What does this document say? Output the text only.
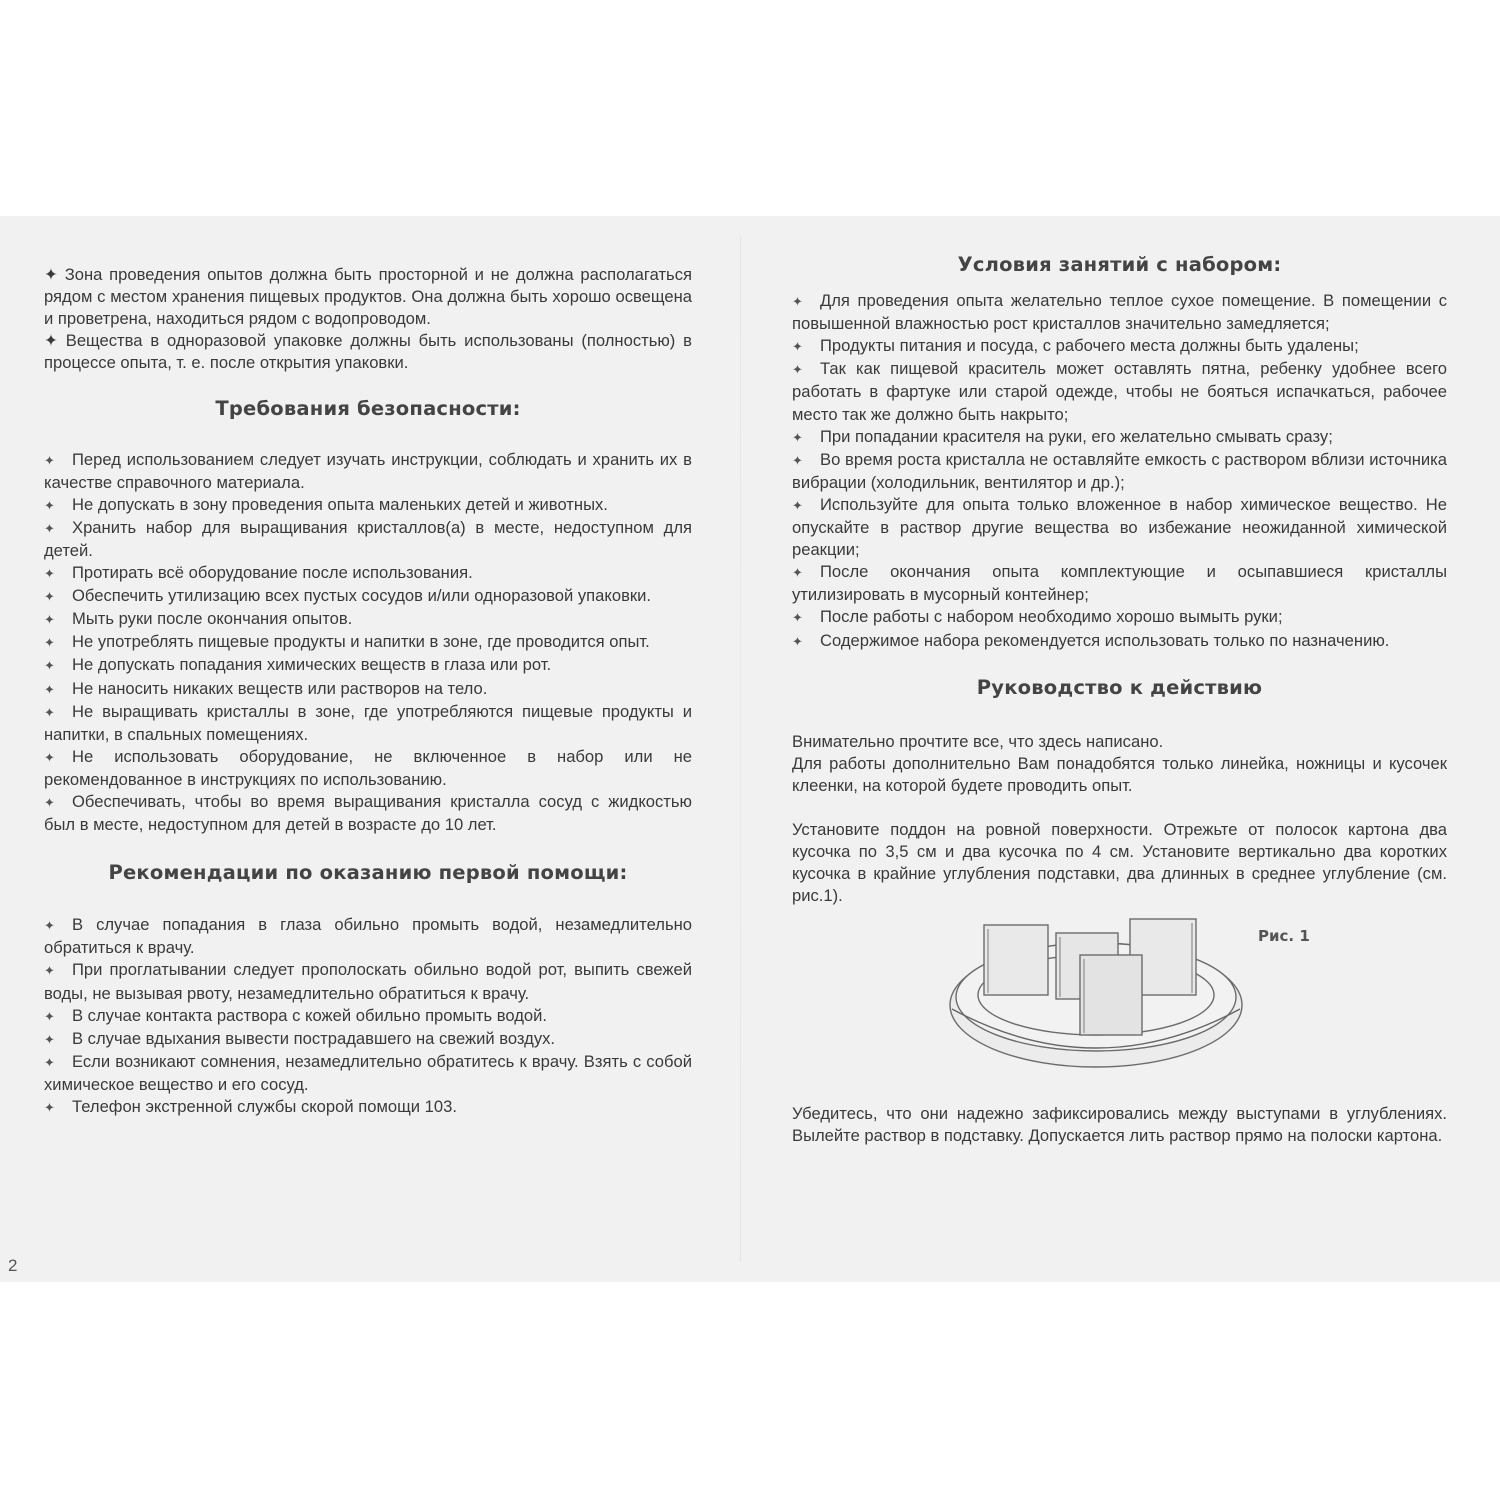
✦ Зона проведения опытов должна быть просторной и не должна располагаться рядом с местом хранения пищевых продуктов. Она должна быть хорошо освещена и проветрена, находиться рядом с водопроводом.

✦ Вещества в одноразовой упаковке должны быть использованы (полностью) в процессе опыта, т. е. после открытия упаковки.

Требования безопасности:

✦ Перед использованием следует изучать инструкции, соблюдать и хранить их в качестве справочного материала.

✦ Не допускать в зону проведения опыта маленьких детей и животных.

✦ Хранить набор для выращивания кристаллов(а) в месте, недоступном для детей.

✦ Протирать всё оборудование после использования.

✦ Обеспечить утилизацию всех пустых сосудов и/или одноразовой упаковки.

✦ Мыть руки после окончания опытов.

✦ Не употреблять пищевые продукты и напитки в зоне, где проводится опыт.

✦ Не допускать попадания химических веществ в глаза или рот.

✦ Не наносить никаких веществ или растворов на тело.

✦ Не выращивать кристаллы в зоне, где употребляются пищевые продукты и напитки, в спальных помещениях.

✦ Не использовать оборудование, не включенное в набор или не рекомендованное в инструкциях по использованию.

✦ Обеспечивать, чтобы во время выращивания кристалла сосуд с жидкостью был в месте, недоступном для детей в возрасте до 10 лет.

Рекомендации по оказанию первой помощи:

✦ В случае попадания в глаза обильно промыть водой, незамедлительно обратиться к врачу.

✦ При проглатывании следует прополоскать обильно водой рот, выпить свежей воды, не вызывая рвоту, незамедлительно обратиться к врачу.

✦ В случае контакта раствора с кожей обильно промыть водой.

✦ В случае вдыхания вывести пострадавшего на свежий воздух.

✦ Если возникают сомнения, незамедлительно обратитесь к врачу. Взять с собой химическое вещество и его сосуд.

✦ Телефон экстренной службы скорой помощи 103.

Условия занятий с набором:

✦ Для проведения опыта желательно теплое сухое помещение. В помещении с повышенной влажностью рост кристаллов значительно замедляется;

✦ Продукты питания и посуда, с рабочего места должны быть удалены;

✦ Так как пищевой краситель может оставлять пятна, ребенку удобнее всего работать в фартуке или старой одежде, чтобы не бояться испачкаться, рабочее место так же должно быть накрыто;

✦ При попадании красителя на руки, его желательно смывать сразу;

✦ Во время роста кристалла не оставляйте емкость с раствором вблизи источника вибрации (холодильник, вентилятор и др.);

✦ Используйте для опыта только вложенное в набор химическое вещество. Не опускайте в раствор другие вещества во избежание неожиданной химической реакции;

✦ После окончания опыта комплектующие и осыпавшиеся кристаллы утилизировать в мусорный контейнер;

✦ После работы с набором необходимо хорошо вымыть руки;

✦ Содержимое набора рекомендуется использовать только по назначению.

Руководство к действию

Внимательно прочтите все, что здесь написано.

Для работы дополнительно Вам понадобятся только линейка, ножницы и кусочек клеенки, на которой будете проводить опыт.

Установите поддон на ровной поверхности. Отрежьте от полосок картона два кусочка по 3,5 см и два кусочка по 4 см. Установите вертикально два коротких кусочка в крайние углубления подставки, два длинных в среднее углубление (см. рис.1).

Рис. 1

Убедитесь, что они надежно зафиксировались между выступами в углублениях. Вылейте раствор в подставку. Допускается лить раствор прямо на полоски картона.

2
